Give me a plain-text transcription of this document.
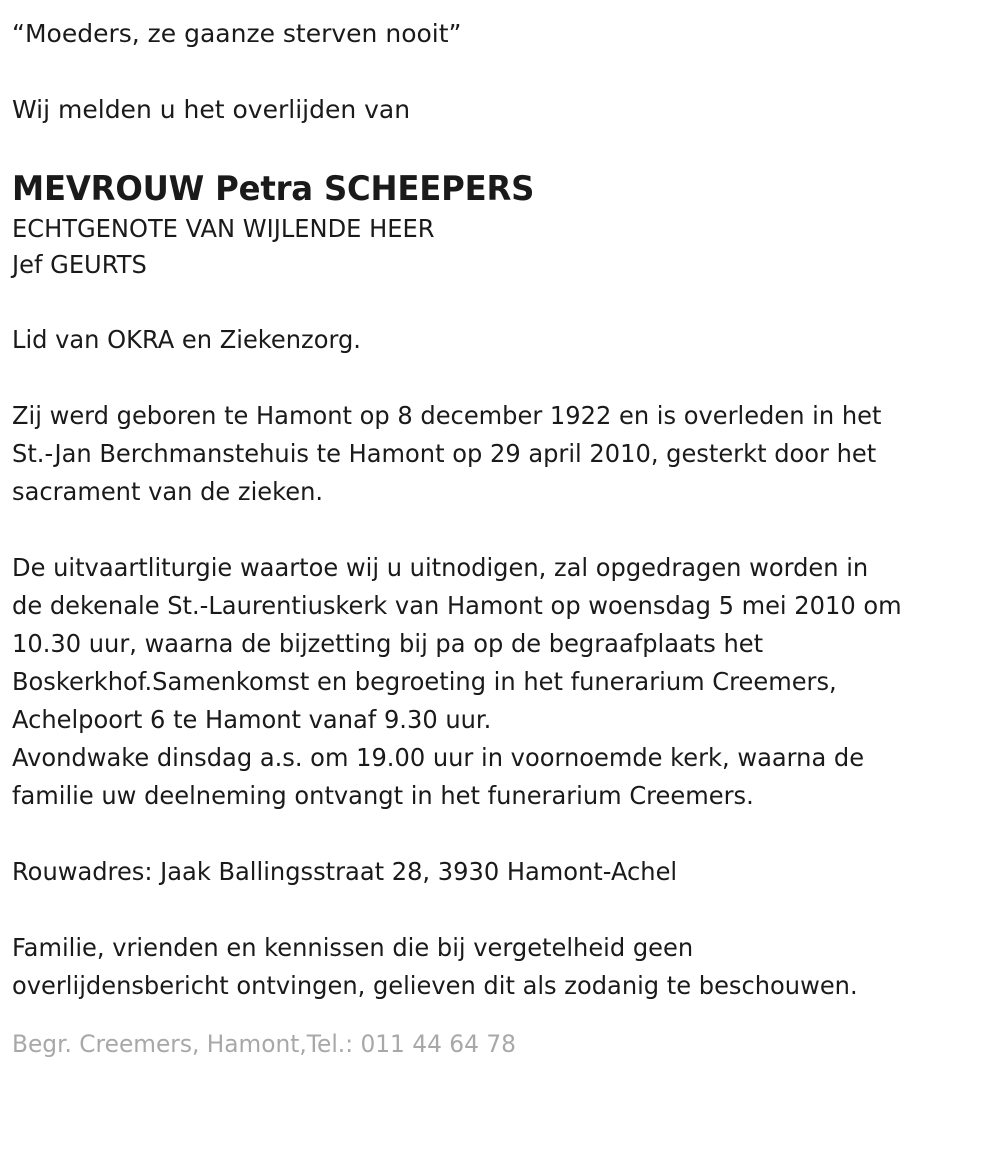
“Moeders, ze gaanze sterven nooit”
Wij melden u het overlijden van
MEVROUW Petra SCHEEPERS
ECHTGENOTE VAN WIJLENDE HEER
Jef GEURTS
Lid van OKRA en Ziekenzorg.
Zij werd geboren te Hamont op 8 december 1922 en is overleden in het
St.-Jan Berchmanstehuis te Hamont op 29 april 2010, gesterkt door het
sacrament van de zieken.
De uitvaartliturgie waartoe wij u uitnodigen, zal opgedragen worden in
de dekenale St.-Laurentiuskerk van Hamont op woensdag 5 mei 2010 om
10.30 uur, waarna de bijzetting bij pa op de begraafplaats het
Boskerkhof.Samenkomst en begroeting in het funerarium Creemers,
Achelpoort 6 te Hamont vanaf 9.30 uur.
Avondwake dinsdag a.s. om 19.00 uur in voornoemde kerk, waarna de
familie uw deelneming ontvangt in het funerarium Creemers.
Rouwadres: Jaak Ballingsstraat 28, 3930 Hamont-Achel
Familie, vrienden en kennissen die bij vergetelheid geen
overlijdensbericht ontvingen, gelieven dit als zodanig te beschouwen.
Begr. Creemers, Hamont,Tel.: 011 44 64 78
